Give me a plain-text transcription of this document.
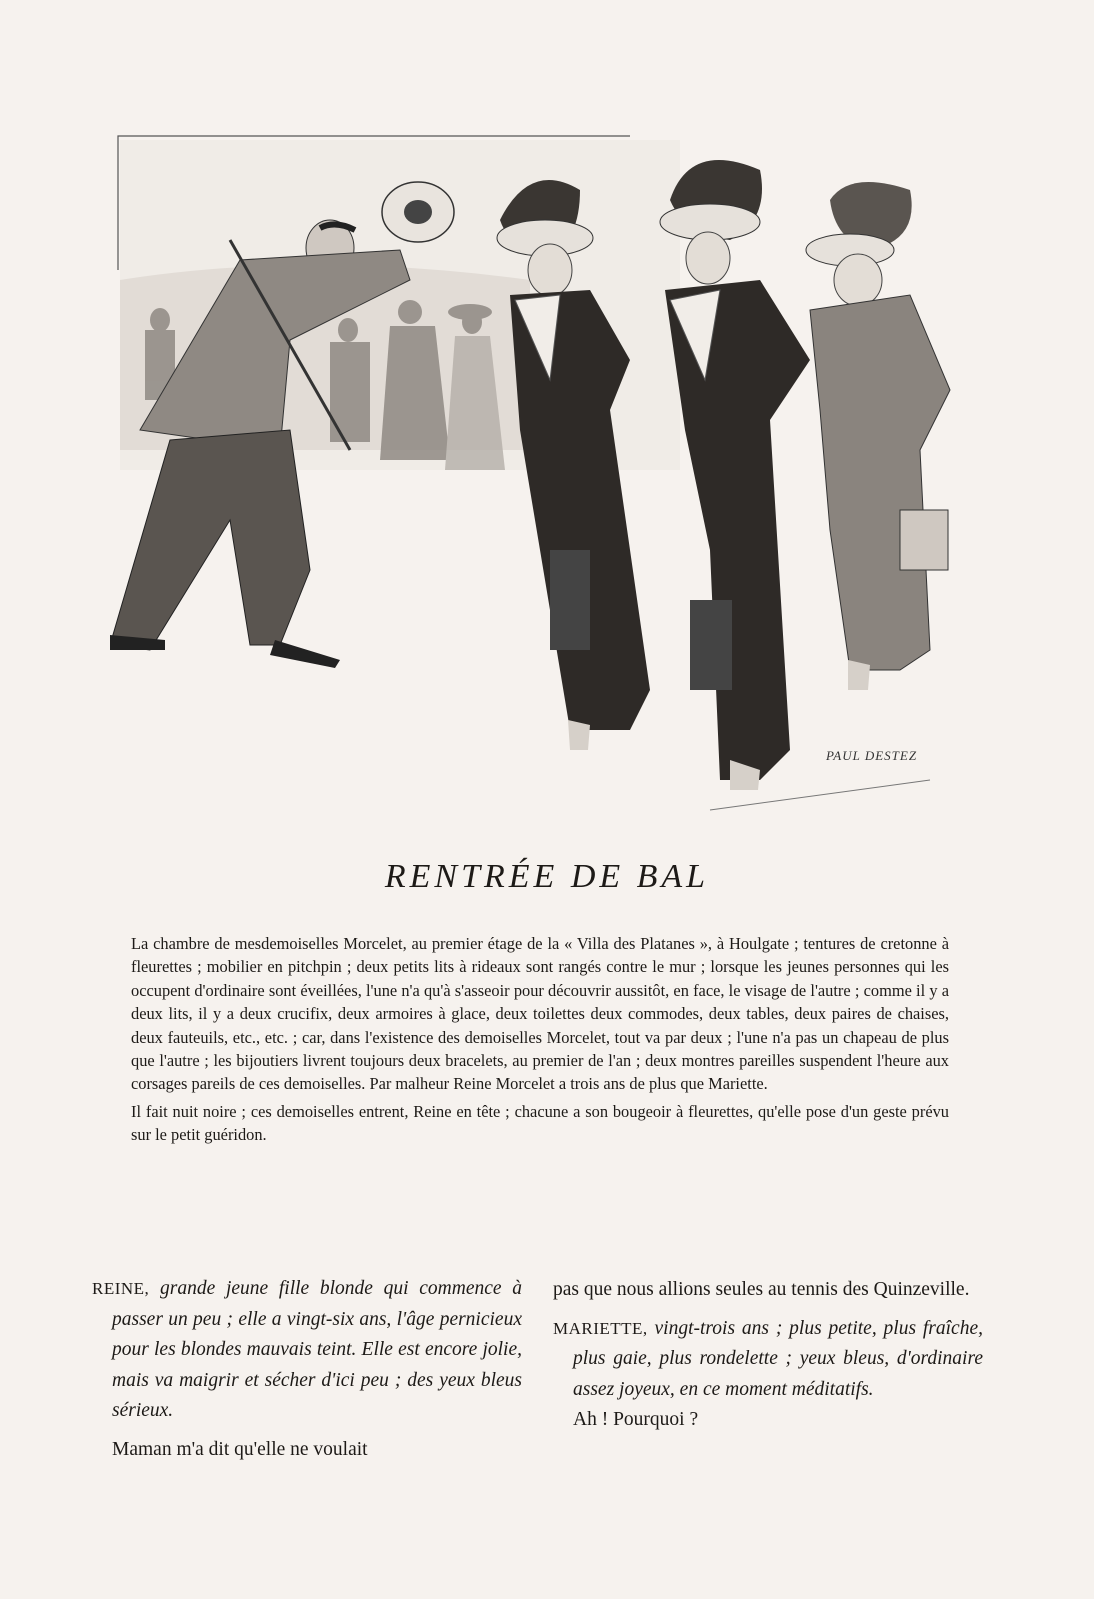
PAUL DESTEZ
RENTRÉE DE BAL

La chambre de mesdemoiselles Morcelet, au premier étage de la « Villa des Platanes », à Houlgate ; tentures de cretonne à fleurettes ; mobilier en pitchpin ; deux petits lits à rideaux sont rangés contre le mur ; lorsque les jeunes personnes qui les occupent d'ordinaire sont éveillées, l'une n'a qu'à s'asseoir pour découvrir aussitôt, en face, le visage de l'autre ; comme il y a deux lits, il y a deux crucifix, deux armoires à glace, deux toilettes deux commodes, deux tables, deux paires de chaises, deux fauteuils, etc., etc. ; car, dans l'existence des demoiselles Morcelet, tout va par deux ; l'une n'a pas un chapeau de plus que l'autre ; les bijoutiers livrent toujours deux bracelets, au premier de l'an ; deux montres pareilles suspendent l'heure aux corsages pareils de ces demoiselles. Par malheur Reine Morcelet a trois ans de plus que Mariette.

Il fait nuit noire ; ces demoiselles entrent, Reine en tête ; chacune a son bougeoir à fleurettes, qu'elle pose d'un geste prévu sur le petit guéridon.

REINE, grande jeune fille blonde qui commence à passer un peu ; elle a vingt-six ans, l'âge pernicieux pour les blondes mauvais teint. Elle est encore jolie, mais va maigrir et sécher d'ici peu ; des yeux bleus sérieux.

Maman m'a dit qu'elle ne voulait

pas que nous allions seules au tennis des Quinzeville.

MARIETTE, vingt-trois ans ; plus petite, plus fraîche, plus gaie, plus rondelette ; yeux bleus, d'ordinaire assez joyeux, en ce moment méditatifs.

Ah ! Pourquoi ?
